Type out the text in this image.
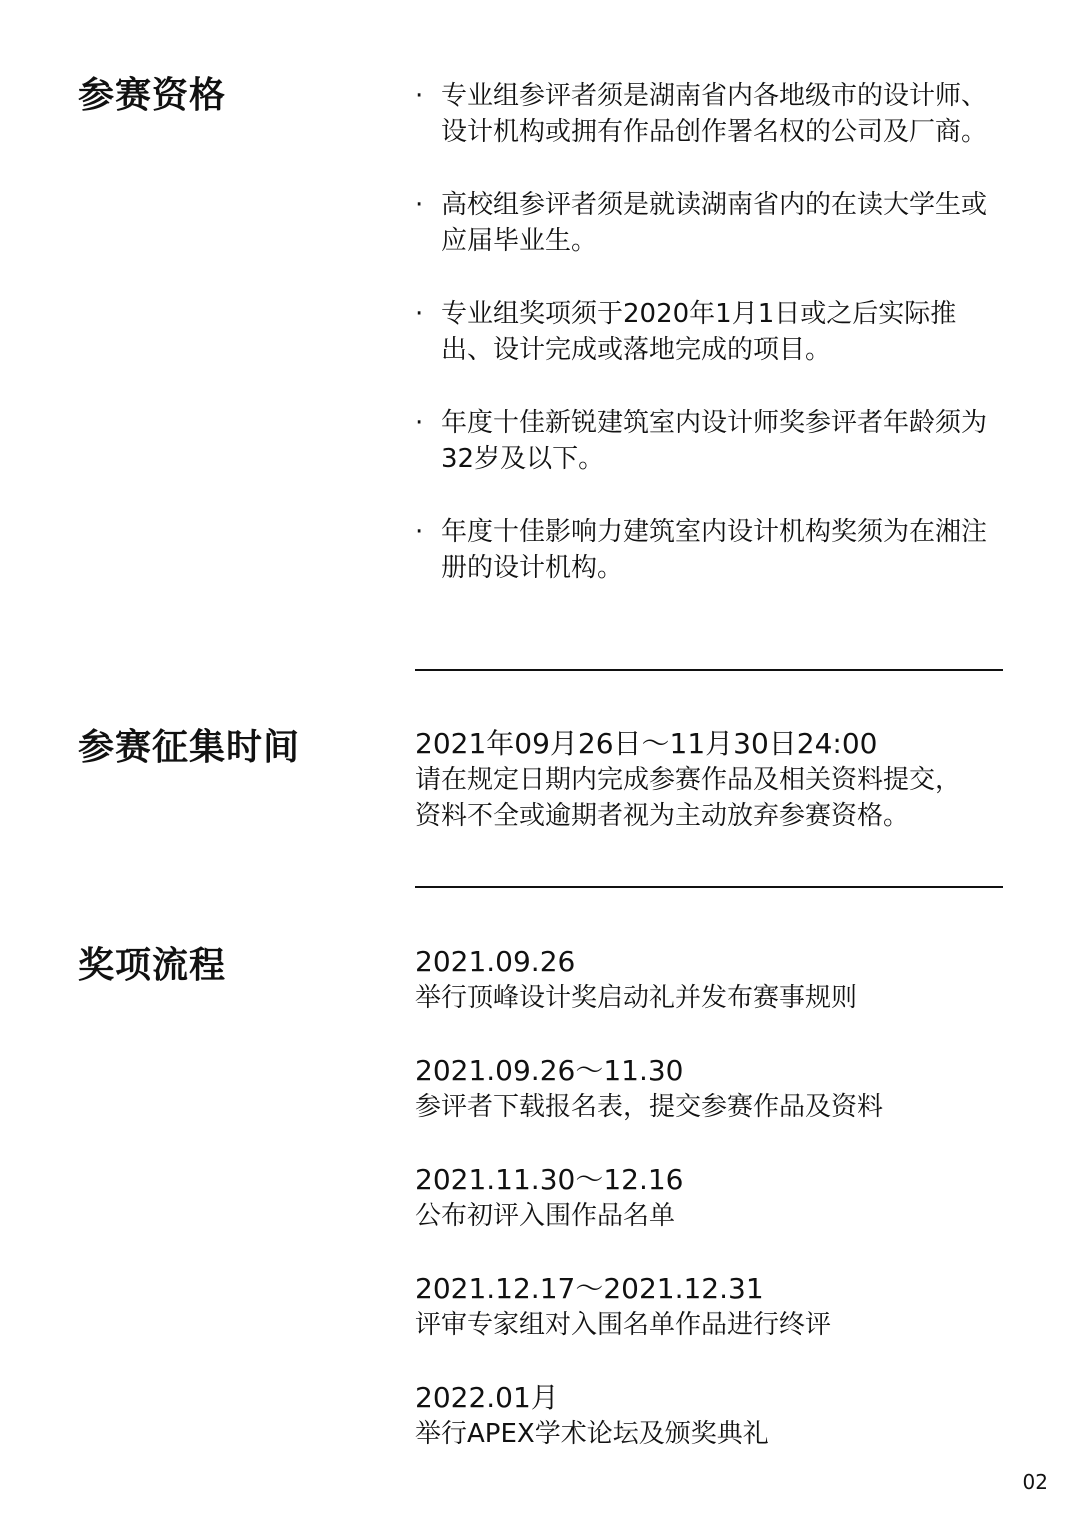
参赛资格	· 专业组参评者须是湖南省内各地级市的设计师、设计机构或拥有作品创作署名权的公司及厂商。
· 高校组参评者须是就读湖南省内的在读大学生或应届毕业生。
· 专业组奖项须于2020年1月1日或之后实际推出、设计完成或落地完成的项目。
· 年度十佳新锐建筑室内设计师奖参评者年龄须为32岁及以下。
· 年度十佳影响力建筑室内设计机构奖须为在湘注册的设计机构。
参赛征集时间	2021年09月26日～11月30日24:00
请在规定日期内完成参赛作品及相关资料提交，
资料不全或逾期者视为主动放弃参赛资格。
奖项流程	2021.09.26
举行顶峰设计奖启动礼并发布赛事规则
2021.09.26～11.30
参评者下载报名表，提交参赛作品及资料
2021.11.30～12.16
公布初评入围作品名单
2021.12.17～2021.12.31
评审专家组对入围名单作品进行终评
2022.01月
举行APEX学术论坛及颁奖典礼
02
